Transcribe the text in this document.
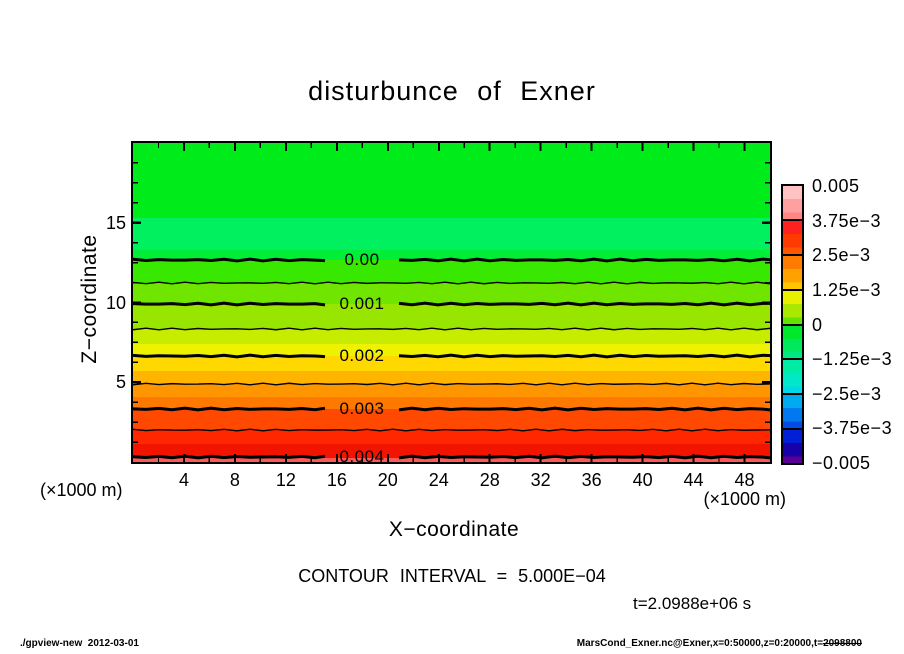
disturbunce of Exner
0.00
0.001
0.002
0.003
0.004
5
10
15
4	8	12	16	20	24	28	32	36	40	44	48
Z−coordinate
X−coordinate
(×1000 m)	(×1000 m)
0.005
3.75e−3
2.5e−3
1.25e−3
0
−1.25e−3
−2.5e−3
−3.75e−3
−0.005
CONTOUR INTERVAL = 5.000E−04
t=2.0988e+06 s
./gpview-new  2012-03-01	MarsCond_Exner.nc@Exner,x=0:50000,z=0:20000,t=2098800
